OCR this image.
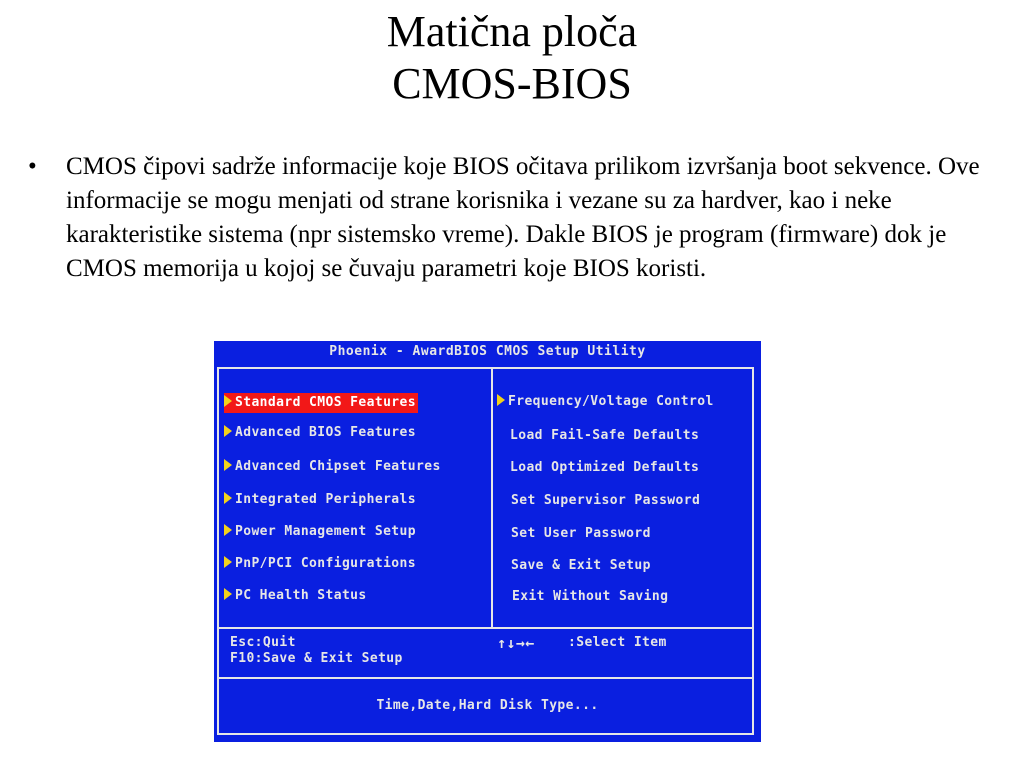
Matična ploča
CMOS-BIOS
•	CMOS čipovi sadrže informacije koje BIOS očitava prilikom izvršanja boot sekvence. Ove informacije se mogu menjati od strane korisnika i vezane su za hardver, kao i neke karakteristike sistema (npr sistemsko vreme). Dakle BIOS je program (firmware) dok je CMOS memorija u kojoj se čuvaju parametri koje BIOS koristi.
Phoenix - AwardBIOS CMOS Setup Utility
Standard CMOS Features
Advanced BIOS Features
Advanced Chipset Features
Integrated Peripherals
Power Management Setup
PnP/PCI Configurations
PC Health Status
Frequency/Voltage Control
Load Fail-Safe Defaults
Load Optimized Defaults
Set Supervisor Password
Set User Password
Save & Exit Setup
Exit Without Saving
Esc:Quit
F10:Save & Exit Setup
↑↓→←	:Select Item
Time,Date,Hard Disk Type...
